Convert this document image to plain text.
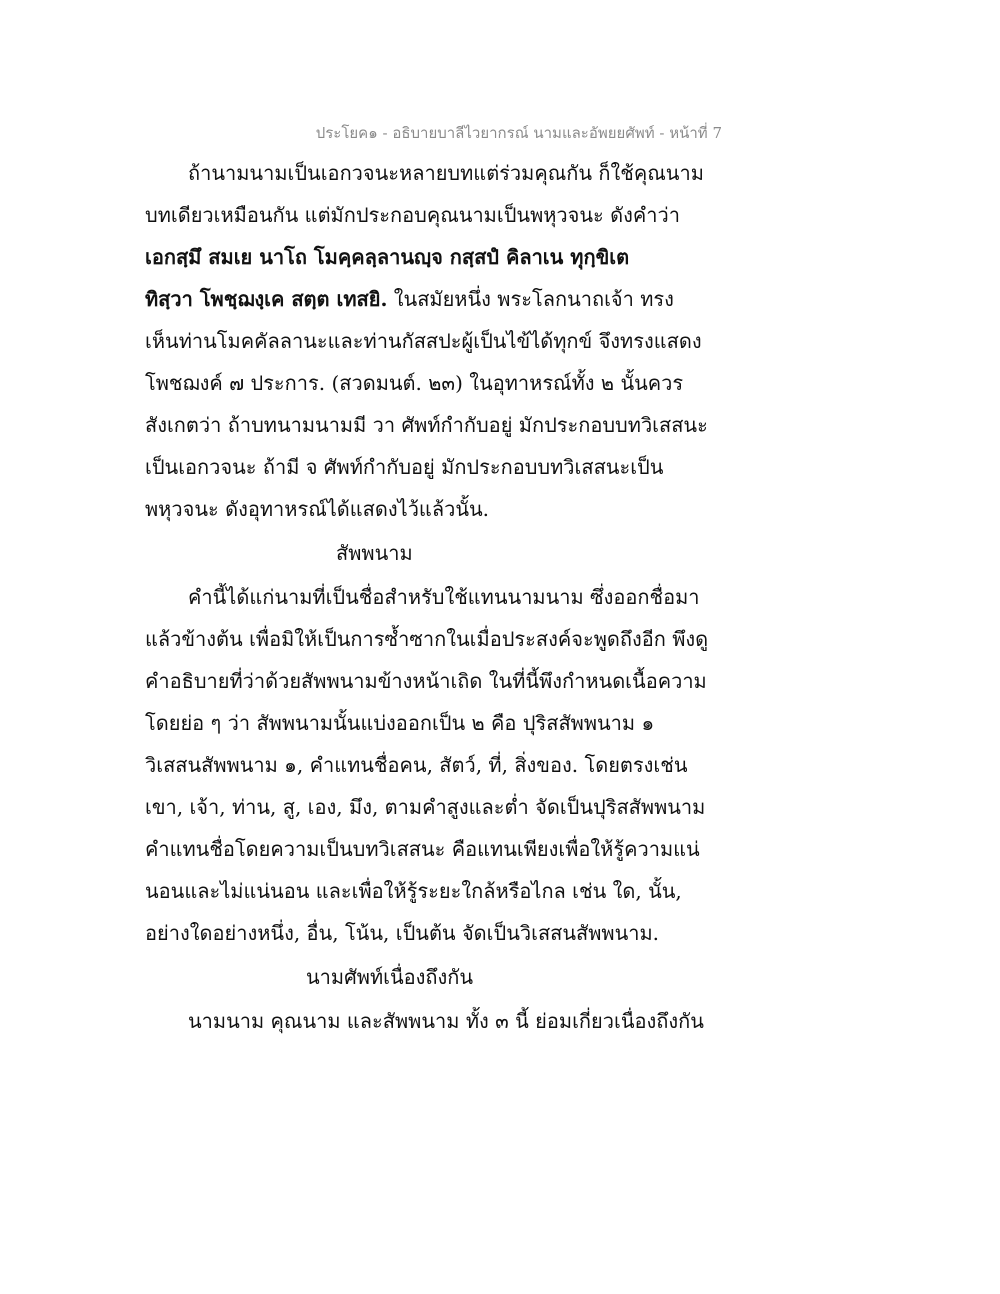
ประโยค๑ - อธิบายบาลีไวยากรณ์ นามและอัพยยศัพท์ - หน้าที่ 7
ถ้านามนามเป็นเอกวจนะหลายบทแต่ร่วมคุณกัน ก็ใช้คุณนาม
บทเดียวเหมือนกัน แต่มักประกอบคุณนามเป็นพหุวจนะ ดังคำว่า
เอกสฺมึ สมเย นาโถ โมคฺคลฺลานญฺจ กสฺสปํ คิลาเน ทุกฺขิเต
ทิสฺวา โพชฺฌงฺเค สตฺต เทสยิ. ในสมัยหนึ่ง พระโลกนาถเจ้า ทรง
เห็นท่านโมคคัลลานะและท่านกัสสปะผู้เป็นไข้ได้ทุกข์ จึงทรงแสดง
โพชฌงค์ ๗ ประการ. (สวดมนต์. ๒๓) ในอุทาหรณ์ทั้ง ๒ นั้นควร
สังเกตว่า ถ้าบทนามนามมี วา ศัพท์กำกับอยู่ มักประกอบบทวิเสสนะ
เป็นเอกวจนะ ถ้ามี จ ศัพท์กำกับอยู่ มักประกอบบทวิเสสนะเป็น
พหุวจนะ ดังอุทาหรณ์ได้แสดงไว้แล้วนั้น.
สัพพนาม
คำนี้ได้แก่นามที่เป็นชื่อสำหรับใช้แทนนามนาม ซึ่งออกชื่อมา
แล้วข้างต้น เพื่อมิให้เป็นการซ้ำซากในเมื่อประสงค์จะพูดถึงอีก พึงดู
คำอธิบายที่ว่าด้วยสัพพนามข้างหน้าเถิด ในที่นี้พึงกำหนดเนื้อความ
โดยย่อ ๆ ว่า สัพพนามนั้นแบ่งออกเป็น ๒ คือ ปุริสสัพพนาม ๑
วิเสสนสัพพนาม ๑, คำแทนชื่อคน, สัตว์, ที่, สิ่งของ. โดยตรงเช่น
เขา, เจ้า, ท่าน, สู, เอง, มึง, ตามคำสูงและต่ำ จัดเป็นปุริสสัพพนาม
คำแทนชื่อโดยความเป็นบทวิเสสนะ คือแทนเพียงเพื่อให้รู้ความแน่
นอนและไม่แน่นอน และเพื่อให้รู้ระยะใกล้หรือไกล เช่น ใด, นั้น,
อย่างใดอย่างหนึ่ง, อื่น, โน้น, เป็นต้น จัดเป็นวิเสสนสัพพนาม.
นามศัพท์เนื่องถึงกัน
นามนาม คุณนาม และสัพพนาม ทั้ง ๓ นี้ ย่อมเกี่ยวเนื่องถึงกัน
